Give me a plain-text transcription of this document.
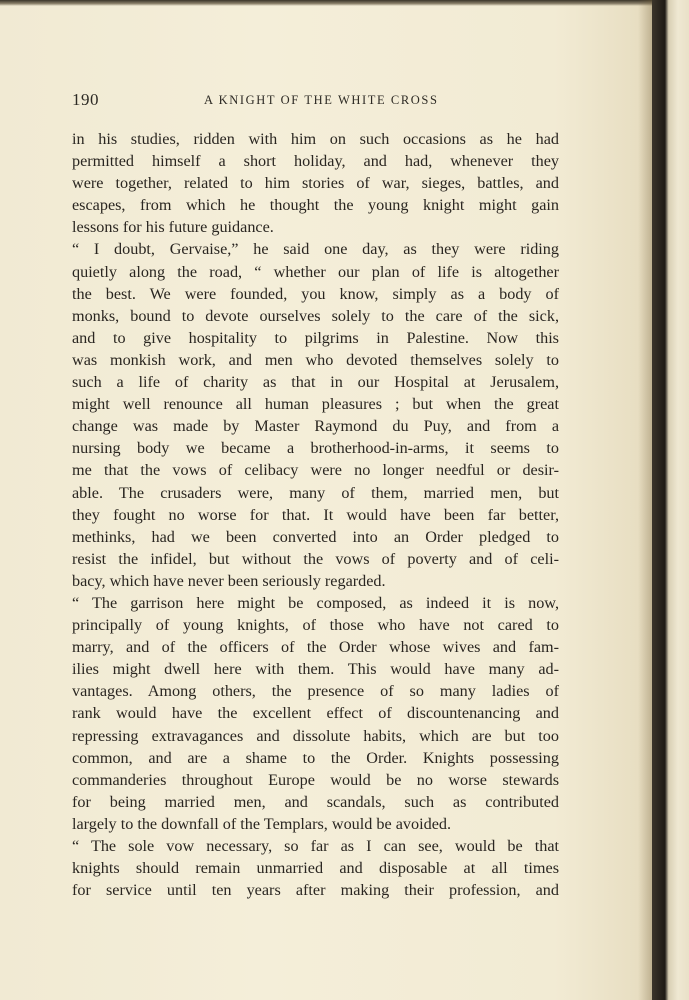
190	A KNIGHT OF THE WHITE CROSS
in his studies, ridden with him on such occasions as he had
permitted himself a short holiday, and had, whenever they
were together, related to him stories of war, sieges, battles, and
escapes, from which he thought the young knight might gain
lessons for his future guidance.
“ I doubt, Gervaise,” he said one day, as they were riding
quietly along the road, “ whether our plan of life is altogether
the best. We were founded, you know, simply as a body of
monks, bound to devote ourselves solely to the care of the sick,
and to give hospitality to pilgrims in Palestine. Now this
was monkish work, and men who devoted themselves solely to
such a life of charity as that in our Hospital at Jerusalem,
might well renounce all human pleasures ; but when the great
change was made by Master Raymond du Puy, and from a
nursing body we became a brotherhood-in-arms, it seems to
me that the vows of celibacy were no longer needful or desir-
able. The crusaders were, many of them, married men, but
they fought no worse for that. It would have been far better,
methinks, had we been converted into an Order pledged to
resist the infidel, but without the vows of poverty and of celi-
bacy, which have never been seriously regarded.
“ The garrison here might be composed, as indeed it is now,
principally of young knights, of those who have not cared to
marry, and of the officers of the Order whose wives and fam-
ilies might dwell here with them. This would have many ad-
vantages. Among others, the presence of so many ladies of
rank would have the excellent effect of discountenancing and
repressing extravagances and dissolute habits, which are but too
common, and are a shame to the Order. Knights possessing
commanderies throughout Europe would be no worse stewards
for being married men, and scandals, such as contributed
largely to the downfall of the Templars, would be avoided.
“ The sole vow necessary, so far as I can see, would be that
knights should remain unmarried and disposable at all times
for service until ten years after making their profession, and
